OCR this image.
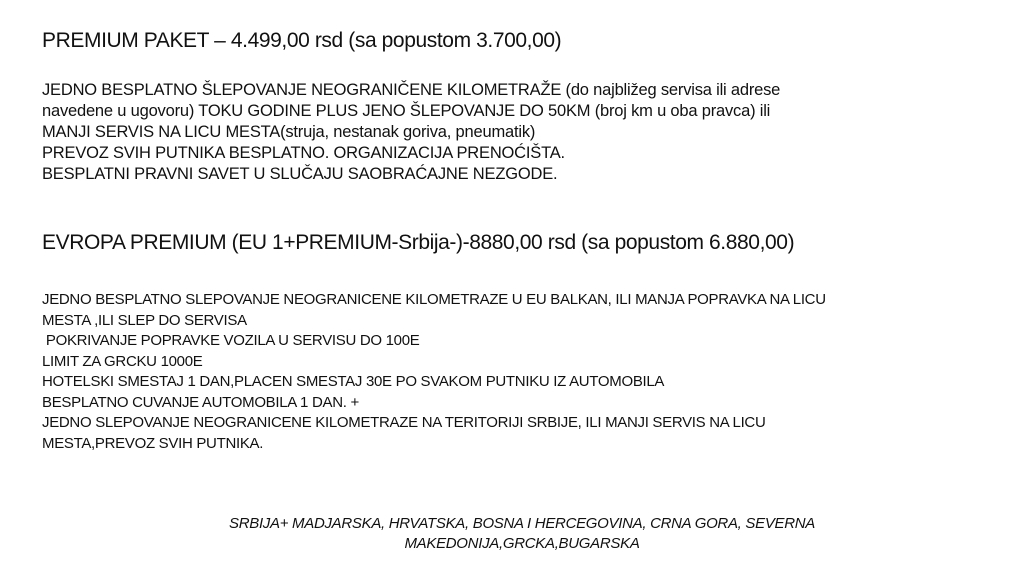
PREMIUM PAKET – 4.499,00 rsd (sa popustom 3.700,00)
JEDNO BESPLATNO ŠLEPOVANJE NEOGRANIČENE KILOMETRAŽE (do najbližeg servisa ili adrese
navedene u ugovoru) TOKU GODINE PLUS JENO ŠLEPOVANJE DO 50KM (broj km u oba pravca) ili
MANJI SERVIS NA LICU MESTA(struja, nestanak goriva, pneumatik)
PREVOZ SVIH PUTNIKA BESPLATNO. ORGANIZACIJA PRENOĆIŠTA.
BESPLATNI PRAVNI SAVET U SLUČAJU SAOBRAĆAJNE NEZGODE.
EVROPA PREMIUM (EU 1+PREMIUM-Srbija-)-8880,00 rsd (sa popustom 6.880,00)
JEDNO BESPLATNO SLEPOVANJE NEOGRANICENE KILOMETRAZE U EU BALKAN, ILI MANJA POPRAVKA NA LICU
MESTA ,ILI SLEP DO SERVISA
POKRIVANJE POPRAVKE VOZILA U SERVISU DO 100E
LIMIT ZA GRCKU 1000E
HOTELSKI SMESTAJ 1 DAN,PLACEN SMESTAJ 30E PO SVAKOM PUTNIKU IZ AUTOMOBILA
BESPLATNO CUVANJE AUTOMOBILA 1 DAN. +
JEDNO SLEPOVANJE NEOGRANICENE KILOMETRAZE NA TERITORIJI SRBIJE, ILI MANJI SERVIS NA LICU
MESTA,PREVOZ SVIH PUTNIKA.
SRBIJA+ MADJARSKA, HRVATSKA, BOSNA I HERCEGOVINA, CRNA GORA, SEVERNA
MAKEDONIJA,GRCKA,BUGARSKA
